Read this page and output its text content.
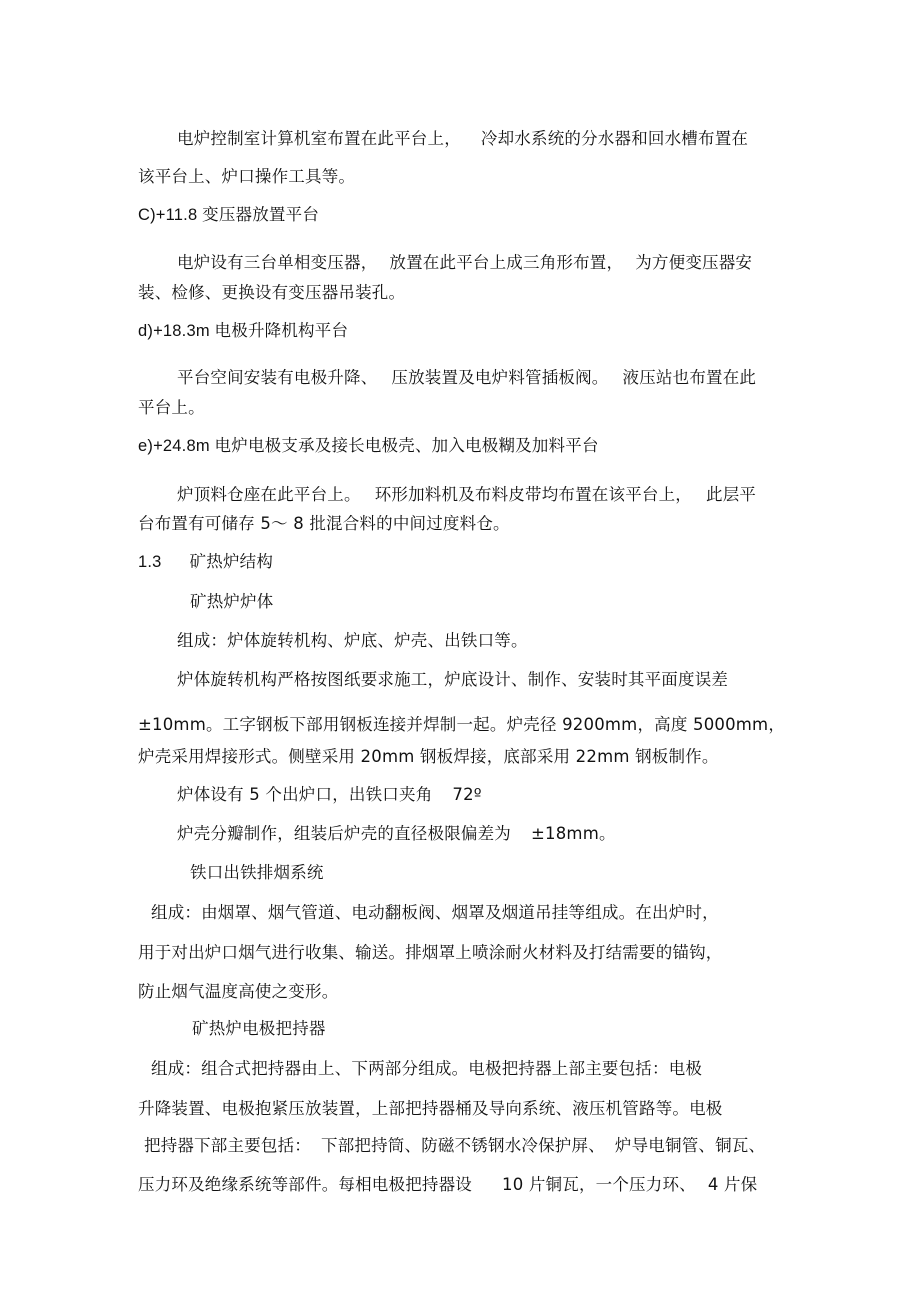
电炉控制室计算机室布置在此平台上， 冷却水系统的分水器和回水槽布置在
该平台上、炉口操作工具等。
C)+11.8 变压器放置平台
电炉设有三台单相变压器， 放置在此平台上成三角形布置， 为方便变压器安
装、检修、更换设有变压器吊装孔。
d)+18.3m 电极升降机构平台
平台空间安装有电极升降、 压放装置及电炉料管插板阀。 液压站也布置在此
平台上。
e)+24.8m 电炉电极支承及接长电极壳、加入电极糊及加料平台
炉顶料仓座在此平台上。 环形加料机及布料皮带均布置在该平台上， 此层平
台布置有可储存 5～ 8 批混合料的中间过度料仓。
1.3 矿热炉结构
矿热炉炉体
组成：炉体旋转机构、炉底、炉壳、出铁口等。
炉体旋转机构严格按图纸要求施工，炉底设计、制作、安装时其平面度误差
±10mm。工字钢板下部用钢板连接并焊制一起。炉壳径 9200mm，高度 5000mm，
炉壳采用焊接形式。侧壁采用 20mm 钢板焊接，底部采用 22mm 钢板制作。
炉体设有 5 个出炉口，出铁口夹角 72º
炉壳分瓣制作，组装后炉壳的直径极限偏差为 ±18mm。
铁口出铁排烟系统
组成：由烟罩、烟气管道、电动翻板阀、烟罩及烟道吊挂等组成。在出炉时，
用于对出炉口烟气进行收集、输送。排烟罩上喷涂耐火材料及打结需要的锚钩，
防止烟气温度高使之变形。
矿热炉电极把持器
组成：组合式把持器由上、下两部分组成。电极把持器上部主要包括：电极
升降装置、电极抱紧压放装置，上部把持器桶及导向系统、液压机管路等。电极
把持器下部主要包括： 下部把持筒、防磁不锈钢水冷保护屏、 炉导电铜管、铜瓦、
压力环及绝缘系统等部件。每相电极把持器设 10 片铜瓦，一个压力环、 4 片保
